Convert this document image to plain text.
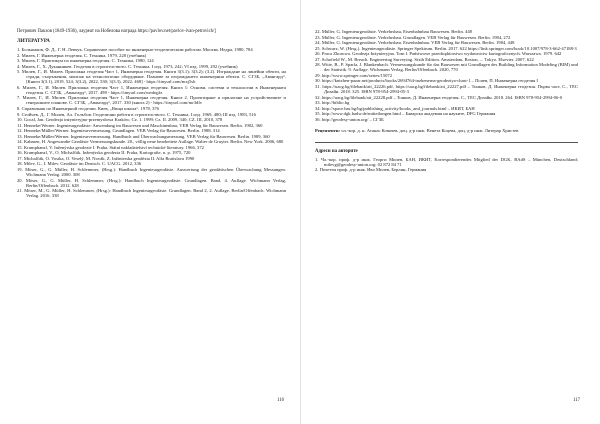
Петрович Пакхов (1849-1936), лауреат на Нобелова награда https://pavlov.net/pavlov-ivan-petrovich/]
ЛИТЕРАТУРА
1. Большаков, Ф. Д., Г. Н. Левчук. Справочное пособие по инженерно-геодезическим работам. Москва. Недра, 1980, 784
2. Милев, Г. Инженерна геодезия. С. Техника, 1979, 228 (учебник)
3. Милев, Г. Практикум по инженерна геодезия. С. Техника, 1980, 124
4. Милев, Г., Х. Дуканникев. Геодезия в строителството. С. Техника. I изд. 1973, 242; VI изд. 1999, 292 (учебник)
5. Милев, Г., И. Милев. Приложна геодезия Част 1, Инженерна геодезия. Книги 3(3.1); 3(3.2); (3.2). Изграждане на линейни обекти, на страдн, съоръжения, монтаж на технологично оборудване. Планове за изграждането инженерния обекти. С. СГЗБ, „Авангард“. [Книги 3(3.1), 2019. 524; 3(3.2), 2022, 530; 3(3.3), 2022, 468] - https://tinyurl.com/mxj5sh
6. Милев, Г., И. Милев. Приложна геодезия Част 1, Инженерна геодезия. Книга 1: Основи, системи и технологии в Инженерната геодезия. С. СГЗБ, „Авангард“, 2017. 498 - https://tinyurl.com/wmbqjfz
7. Милев, Г., И. Милев. Приложна геодезия Част 1, Инженерна геодезия. Книга 2. Проектиране и прилагане на устройствените и генералните планове. С. СГЗБ, „Авангард“, 2017. 330 (книга 2) - https://tinyurl.com/mr3dfv
8. Справочник по Инженерной геодезии. Киев, „Вища школа“. 1978, 376
9. Стойчев, Д., Г. Милев, Ал. Гълъбов. Геодезични работи в строителството. С. Техника. I изд. 1969, 480; III изд. 1983, 516
10. Gocal, Jan. Geodezja inżynieryjno-przemysłowa Kraków; Cz. 1. 1999; Cz. II. 2009, 340; CZ. III, 2010, 378
11. Henneke/Werner. Ingenieurgeodäsie: Anwendung im Bauwesen und Maschinenbau, VEB Verlag für Bauwesen. Berlin. 1982, 360
12. Henneke/Müller/Werner. Ingenieurvermessung. Grundlagen. VEB Verlag für Bauwesen. Berlin. 1988, 314
13. Henneke/Müller/Werner. Ingenieurvermessung. Handbuch und Überwachungsmessung. VEB Verlag für Bauwesen. Berlin. 1989, 360
14. Kahmen, H. Angewandte Geodäsie Vermessungskunde. 20., völlig neue bearbeitete Auflage. Walter de Gruyter. Berlin. New York. 2006, 680
15. Krumphanzl, V. Inženýrska geodezie I. Praha. Státní nakladatelství technické literatury. 1966, 372
16. Krumphanzl, V., O. Michalčák. Inženýrska geodezia II. Praha, Kartografie, n. p. 1975, 720
17. Michalčák, O. Vosika, O. Veselý, M. Novák, Z. Inžinierska geodézia II. Alfa Bratislava 1990
18. Milev, G., I. Milev. Geodäsie im Deutsch. C. UACG. 2012, 336
19. Möser, G., G. Müller, H. Schlemmer, (Hrsg.): Handbuch Ingenieurgeodäsie. Auswertung der geodätischen Überwachung Messungen. Wichmann Verlag. 2000. 308
20. Möser, G., G. Müller, H. Schlemmer, (Hrsg.): Handbuch Ingenieurgeodäsie. Grundlagen. Band. 4. Auflage. Wichmann Verlag, Berlin/Offenbach. 2012. 628
21. Möser, M., G. Müller, H. Schlemmer, (Hrsg.): Handbuch Ingenieurgeodäsie. Grundlagen. Band 2, 2. Auflage. Berlin/Offenbach. Wichmann Verlag. 2016. 338
116
22. Müller, G. Ingenieurgeodäsie. Verkehrsbau, Eisenbahnbau Bauwesen. Berlin. 448
23. Müller, G. Ingenieurgeodäsie. Verkehrsbau. Grundlagen. VEB Verlag für Bauwesen. Berlin. 1984, 272
24. Müller, G. Ingenieurgeodäsie. Verkehrsbau. Eisenbahnbau. VEB Verlag für Bauwesen. Berlin. 1984, 448
25. Schwarz, W. (Hrsg.). Ingenieurgeodäsie. Springer Spektrum. Berlin. 2017. 622 https://link.springer.com/book/10.1007/978-3-662-47188-3
26. Praca Zborowa. Geodezja Inżynieryjna. Tom I. Państwowe przedsiębiorstwo wydawnictw kartograficznych. Warszawa. 1979. 642
27. Schofield W., M. Breach. Engineering Surveying. Sixth Edition. Amsterdam, Boston, ... Tokyo. Elsevier. 2007, 622
28. Witte, B., P. Sparla, J. Blankenbach. Vermessungskunde für das Bauwesen mit Grundlagen des Building Information Modeling (BIM) und der Statistik. 9. Auflage. Wichmann Verlag. Berlin/Offenbach. 2020, 770
29. http://www.springer.com/series/15072
30. https://knizhen-pazar.net/products/books/2694764-inzhenerna-geodeziya-chast-1 – Псиев, П. Инженерна геодезия I
31. https://uacg.bg/filebank/att_22226.pdf, https://uacg.bg/filebank/att_22227.pdf – Тонков, Д. Инженерна геодезия. Първа част, С., ТЕС Дизайн. 2018. 325. ISBN 978-954-2994-05-3
32. https://uacg.bg/filebank/att_22228.pdf – Тонков, Д. Инженерна геодезия. С., ТЕС Дизайн. 2018. 264. ISBN 978-954-2994-06-0
33. http://biblio.bg
34. http://space.bas.bg/bg/publishing_activity/books_and_journals.html – ИКИТ, БАН
35. http://www.dgk.badw.de/mitteilungen.html – Баварска академия на науките, DFG Германия
36. http://geodesy-union.org/ – СГЗБ
Рецензенти: чл.-кор. д. н. Атанас Ковачев, доц. д-р инж. Венета Коцева, доц. д-р инж. Литерар Христев
Адреси на авторите
1. Чл.-кор. проф. д-р инж. Георги Милев, БАН, ИКИТ, Korrespondierendes Mitglied der DGK, BAdS – München, Deutschland; milevg@geodesy-union.org; 02 872 84 71
2. Почетен проф. д-р инж. Иво Милев, Берлин, Германия
117
